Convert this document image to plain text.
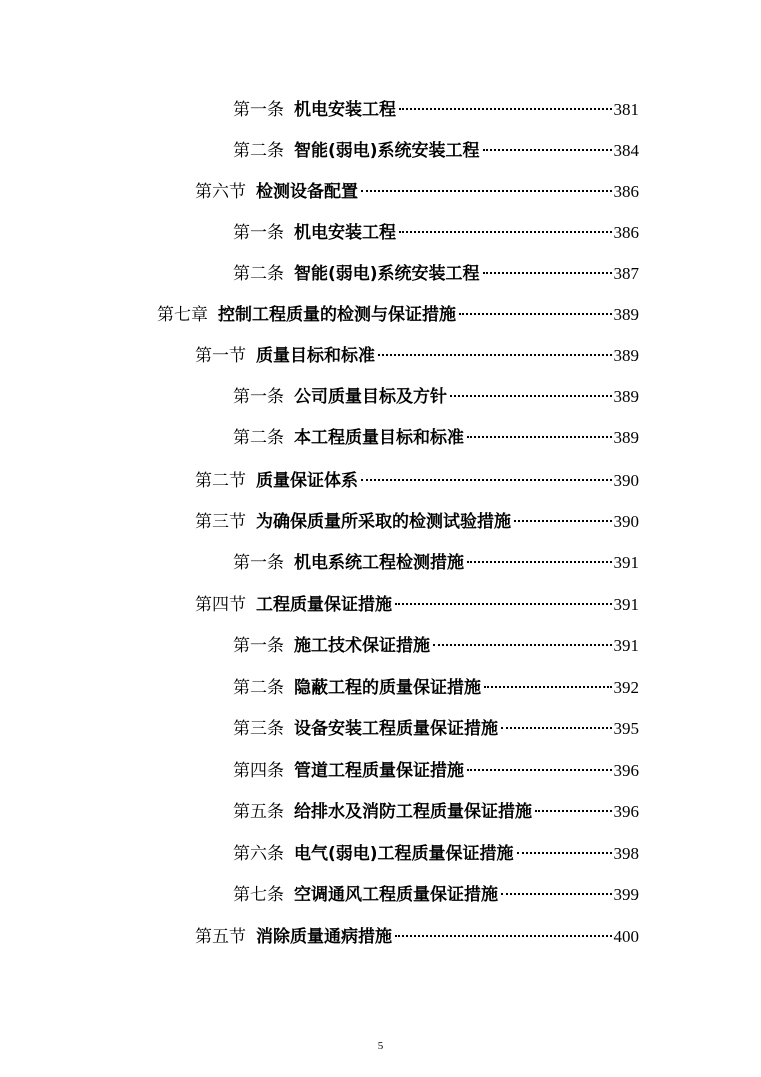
第一条 机电安装工程	381
第二条 智能(弱电)系统安装工程	384
第六节 检测设备配置	386
第一条 机电安装工程	386
第二条 智能(弱电)系统安装工程	387
第七章 控制工程质量的检测与保证措施	389
第一节 质量目标和标准	389
第一条 公司质量目标及方针	389
第二条 本工程质量目标和标准	389
第二节 质量保证体系	390
第三节 为确保质量所采取的检测试验措施	390
第一条 机电系统工程检测措施	391
第四节 工程质量保证措施	391
第一条 施工技术保证措施	391
第二条 隐蔽工程的质量保证措施	392
第三条 设备安装工程质量保证措施	395
第四条 管道工程质量保证措施	396
第五条 给排水及消防工程质量保证措施	396
第六条 电气(弱电)工程质量保证措施	398
第七条 空调通风工程质量保证措施	399
第五节 消除质量通病措施	400
5
